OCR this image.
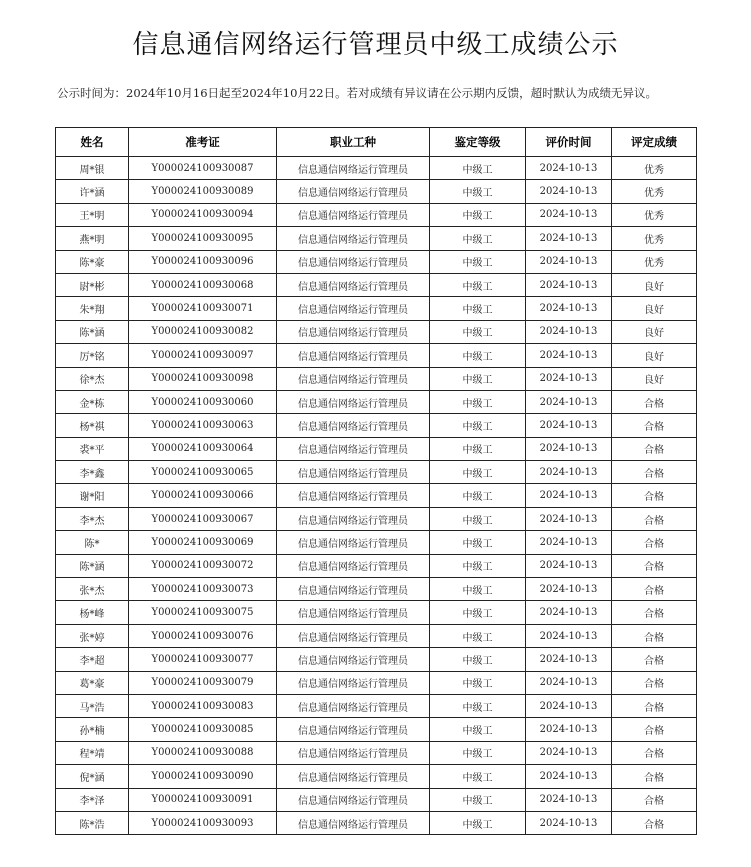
信息通信网络运行管理员中级工成绩公示

公示时间为：2024年10月16日起至2024年10月22日。若对成绩有异议请在公示期内反馈，超时默认为成绩无异议。

姓名	准考证	职业工种	鉴定等级	评价时间	评定成绩
周*银	Y000024100930087	信息通信网络运行管理员	中级工	2024-10-13	优秀
许*涵	Y000024100930089	信息通信网络运行管理员	中级工	2024-10-13	优秀
王*明	Y000024100930094	信息通信网络运行管理员	中级工	2024-10-13	优秀
燕*明	Y000024100930095	信息通信网络运行管理员	中级工	2024-10-13	优秀
陈*豪	Y000024100930096	信息通信网络运行管理员	中级工	2024-10-13	优秀
尉*彬	Y000024100930068	信息通信网络运行管理员	中级工	2024-10-13	良好
朱*翔	Y000024100930071	信息通信网络运行管理员	中级工	2024-10-13	良好
陈*涵	Y000024100930082	信息通信网络运行管理员	中级工	2024-10-13	良好
厉*铭	Y000024100930097	信息通信网络运行管理员	中级工	2024-10-13	良好
徐*杰	Y000024100930098	信息通信网络运行管理员	中级工	2024-10-13	良好
金*栋	Y000024100930060	信息通信网络运行管理员	中级工	2024-10-13	合格
杨*祺	Y000024100930063	信息通信网络运行管理员	中级工	2024-10-13	合格
裘*平	Y000024100930064	信息通信网络运行管理员	中级工	2024-10-13	合格
李*鑫	Y000024100930065	信息通信网络运行管理员	中级工	2024-10-13	合格
谢*阳	Y000024100930066	信息通信网络运行管理员	中级工	2024-10-13	合格
李*杰	Y000024100930067	信息通信网络运行管理员	中级工	2024-10-13	合格
陈*	Y000024100930069	信息通信网络运行管理员	中级工	2024-10-13	合格
陈*涵	Y000024100930072	信息通信网络运行管理员	中级工	2024-10-13	合格
张*杰	Y000024100930073	信息通信网络运行管理员	中级工	2024-10-13	合格
杨*峰	Y000024100930075	信息通信网络运行管理员	中级工	2024-10-13	合格
张*婷	Y000024100930076	信息通信网络运行管理员	中级工	2024-10-13	合格
李*超	Y000024100930077	信息通信网络运行管理员	中级工	2024-10-13	合格
葛*豪	Y000024100930079	信息通信网络运行管理员	中级工	2024-10-13	合格
马*浩	Y000024100930083	信息通信网络运行管理员	中级工	2024-10-13	合格
孙*楠	Y000024100930085	信息通信网络运行管理员	中级工	2024-10-13	合格
程*靖	Y000024100930088	信息通信网络运行管理员	中级工	2024-10-13	合格
倪*涵	Y000024100930090	信息通信网络运行管理员	中级工	2024-10-13	合格
李*泽	Y000024100930091	信息通信网络运行管理员	中级工	2024-10-13	合格
陈*浩	Y000024100930093	信息通信网络运行管理员	中级工	2024-10-13	合格
